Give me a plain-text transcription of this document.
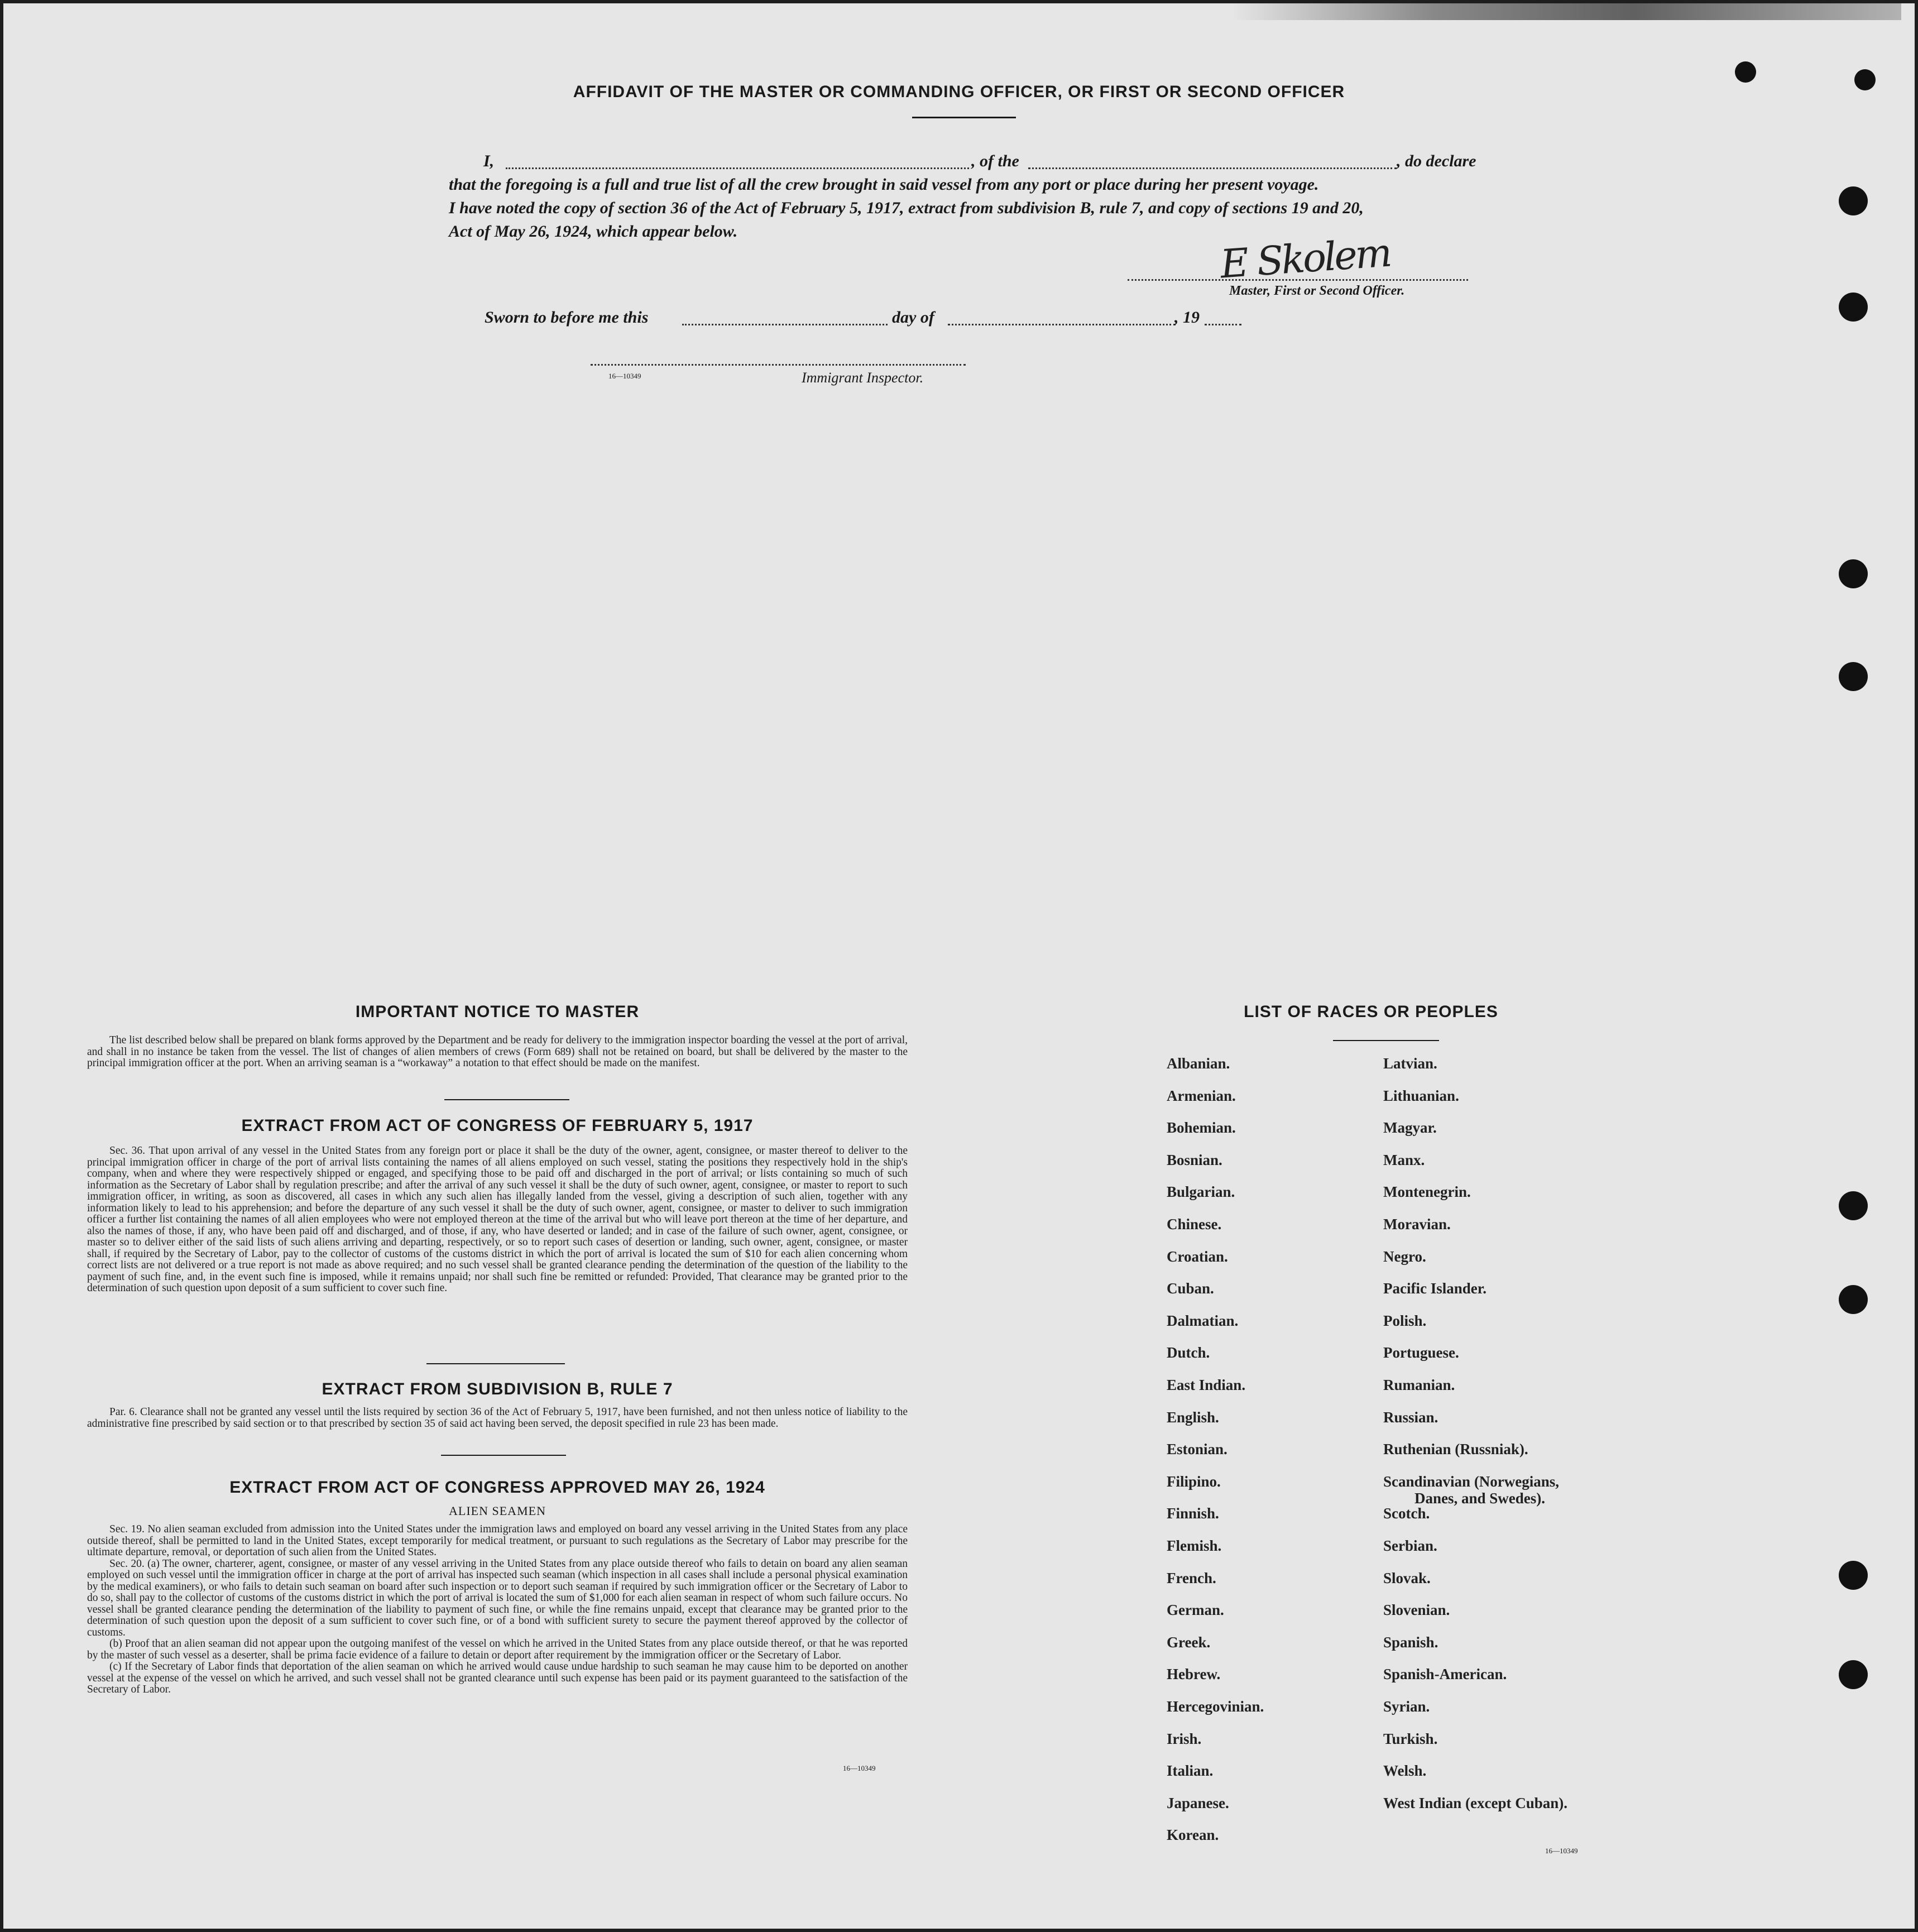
AFFIDAVIT OF THE MASTER OR COMMANDING OFFICER, OR FIRST OR SECOND OFFICER
I,	, of the	, do declare
that the foregoing is a full and true list of all the crew brought in said vessel from any port or place during her present voyage.
I have noted the copy of section 36 of the Act of February 5, 1917, extract from subdivision B, rule 7, and copy of sections 19 and 20,
Act of May 26, 1924, which appear below.	E Skolem
Master, First or Second Officer.
Sworn to before me this	day of	, 19
16—10349	Immigrant Inspector.
IMPORTANT NOTICE TO MASTER

The list described below shall be prepared on blank forms approved by the Department and be ready for delivery to the immigration inspector boarding the vessel at the port of arrival, and shall in no instance be taken from the vessel. The list of changes of alien members of crews (Form 689) shall not be retained on board, but shall be delivered by the master to the principal immigration officer at the port. When an arriving seaman is a “workaway” a notation to that effect should be made on the manifest.

EXTRACT FROM ACT OF CONGRESS OF FEBRUARY 5, 1917

Sec. 36. That upon arrival of any vessel in the United States from any foreign port or place it shall be the duty of the owner, agent, consignee, or master thereof to deliver to the principal immigration officer in charge of the port of arrival lists containing the names of all aliens employed on such vessel, stating the positions they respectively hold in the ship's company, when and where they were respectively shipped or engaged, and specifying those to be paid off and discharged in the port of arrival; or lists containing so much of such information as the Secretary of Labor shall by regulation prescribe; and after the arrival of any such vessel it shall be the duty of such owner, agent, consignee, or master to report to such immigration officer, in writing, as soon as discovered, all cases in which any such alien has illegally landed from the vessel, giving a description of such alien, together with any information likely to lead to his apprehension; and before the departure of any such vessel it shall be the duty of such owner, agent, consignee, or master to deliver to such immigration officer a further list containing the names of all alien employees who were not employed thereon at the time of the arrival but who will leave port thereon at the time of her departure, and also the names of those, if any, who have been paid off and discharged, and of those, if any, who have deserted or landed; and in case of the failure of such owner, agent, consignee, or master so to deliver either of the said lists of such aliens arriving and departing, respectively, or so to report such cases of desertion or landing, such owner, agent, consignee, or master shall, if required by the Secretary of Labor, pay to the collector of customs of the customs district in which the port of arrival is located the sum of $10 for each alien concerning whom correct lists are not delivered or a true report is not made as above required; and no such vessel shall be granted clearance pending the determination of the question of the liability to the payment of such fine, and, in the event such fine is imposed, while it remains unpaid; nor shall such fine be remitted or refunded: Provided, That clearance may be granted prior to the determination of such question upon deposit of a sum sufficient to cover such fine.

EXTRACT FROM SUBDIVISION B, RULE 7

Par. 6. Clearance shall not be granted any vessel until the lists required by section 36 of the Act of February 5, 1917, have been furnished, and not then unless notice of liability to the administrative fine prescribed by said section or to that prescribed by section 35 of said act having been served, the deposit specified in rule 23 has been made.

EXTRACT FROM ACT OF CONGRESS APPROVED MAY 26, 1924
ALIEN SEAMEN

Sec. 19. No alien seaman excluded from admission into the United States under the immigration laws and employed on board any vessel arriving in the United States from any place outside thereof, shall be permitted to land in the United States, except temporarily for medical treatment, or pursuant to such regulations as the Secretary of Labor may prescribe for the ultimate departure, removal, or deportation of such alien from the United States.

Sec. 20. (a) The owner, charterer, agent, consignee, or master of any vessel arriving in the United States from any place outside thereof who fails to detain on board any alien seaman employed on such vessel until the immigration officer in charge at the port of arrival has inspected such seaman (which inspection in all cases shall include a personal physical examination by the medical examiners), or who fails to detain such seaman on board after such inspection or to deport such seaman if required by such immigration officer or the Secretary of Labor to do so, shall pay to the collector of customs of the customs district in which the port of arrival is located the sum of $1,000 for each alien seaman in respect of whom such failure occurs. No vessel shall be granted clearance pending the determination of the liability to payment of such fine, or while the fine remains unpaid, except that clearance may be granted prior to the determination of such question upon the deposit of a sum sufficient to cover such fine, or of a bond with sufficient surety to secure the payment thereof approved by the collector of customs.

(b) Proof that an alien seaman did not appear upon the outgoing manifest of the vessel on which he arrived in the United States from any place outside thereof, or that he was reported by the master of such vessel as a deserter, shall be prima facie evidence of a failure to detain or deport after requirement by the immigration officer or the Secretary of Labor.

(c) If the Secretary of Labor finds that deportation of the alien seaman on which he arrived would cause undue hardship to such seaman he may cause him to be deported on another vessel at the expense of the vessel on which he arrived, and such vessel shall not be granted clearance until such expense has been paid or its payment guaranteed to the satisfaction of the Secretary of Labor.

16—10349
LIST OF RACES OR PEOPLES
Albanian.
Armenian.
Bohemian.
Bosnian.
Bulgarian.
Chinese.
Croatian.
Cuban.
Dalmatian.
Dutch.
East Indian.
English.
Estonian.
Filipino.
Finnish.
Flemish.
French.
German.
Greek.
Hebrew.
Hercegovinian.
Irish.
Italian.
Japanese.
Korean.
Latvian.
Lithuanian.
Magyar.
Manx.
Montenegrin.
Moravian.
Negro.
Pacific Islander.
Polish.
Portuguese.
Rumanian.
Russian.
Ruthenian (Russniak).
Scandinavian (Norwegians,
Danes, and Swedes).
Scotch.
Serbian.
Slovak.
Slovenian.
Spanish.
Spanish-American.
Syrian.
Turkish.
Welsh.
West Indian (except Cuban).
16—10349
